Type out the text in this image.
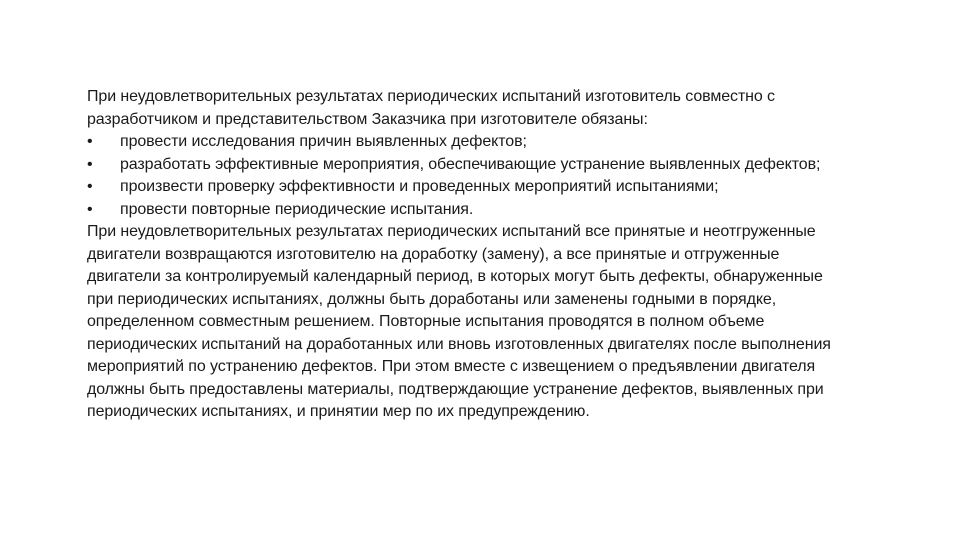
При неудовлетворительных результатах периодических испытаний изготовитель совместно с
разработчиком и представительством Заказчика при изготовителе обязаны:
•	провести исследования причин выявленных дефектов;
•	разработать эффективные мероприятия, обеспечивающие устранение выявленных дефектов;
•	произвести проверку эффективности и проведенных мероприятий испытаниями;
•	провести повторные периодические испытания.
При неудовлетворительных результатах периодических испытаний все принятые и неотгруженные
двигатели возвращаются изготовителю на доработку (замену), а все принятые и отгруженные
двигатели за контролируемый календарный период, в которых могут быть дефекты, обнаруженные
при периодических испытаниях, должны быть доработаны или заменены годными в порядке,
определенном совместным решением. Повторные испытания проводятся в полном объеме
периодических испытаний на доработанных или вновь изготовленных двигателях после выполнения
мероприятий по устранению дефектов. При этом вместе с извещением о предъявлении двигателя
должны быть предоставлены материалы, подтверждающие устранение дефектов, выявленных при
периодических испытаниях, и принятии мер по их предупреждению.
